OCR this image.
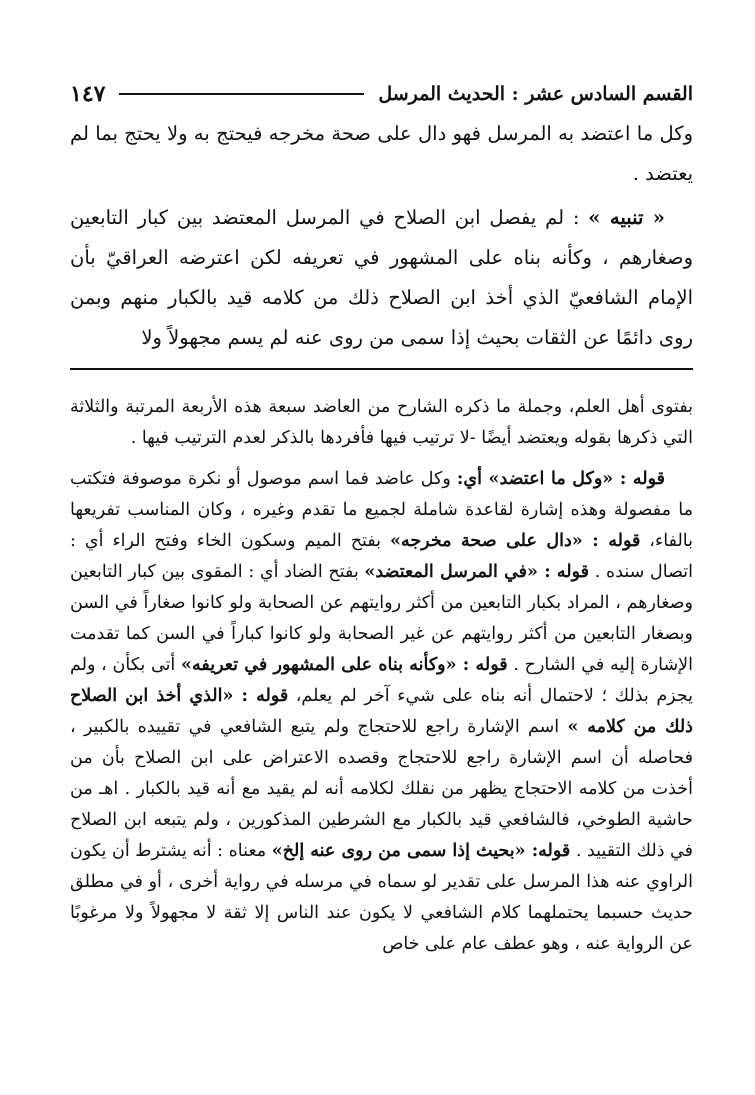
القسم السادس عشر : الحديث المرسل
١٤٧

وكل ما اعتضد به المرسل فهو دال على صحة مخرجه فيحتج به ولا يحتج بما لم يعتضد .

« تنبيه » : لم يفصل ابن الصلاح في المرسل المعتضد بين كبار التابعين وصغارهم ، وكأنه بناه على المشهور في تعريفه لكن اعترضه العراقيّ بأن الإمام الشافعيّ الذي أخذ ابن الصلاح ذلك من كلامه قيد بالكبار منهم وبمن روى دائمًا عن الثقات بحيث إذا سمى من روى عنه لم يسم مجهولاً ولا

بفتوى أهل العلم، وجملة ما ذكره الشارح من العاضد سبعة هذه الأربعة المرتبة والثلاثة التي ذكرها بقوله ويعتضد أيضًا -لا ترتيب فيها فأفردها بالذكر لعدم الترتيب فيها .

قوله : «وكل ما اعتضد» أي: وكل عاضد فما اسم موصول أو نكرة موصوفة فتكتب ما مفصولة وهذه إشارة لقاعدة شاملة لجميع ما تقدم وغيره ، وكان المناسب تفريعها بالفاء، قوله : «دال على صحة مخرجه» بفتح الميم وسكون الخاء وفتح الراء أي : اتصال سنده . قوله : «في المرسل المعتضد» بفتح الضاد أي : المقوى بين كبار التابعين وصغارهم ، المراد بكبار التابعين من أكثر روايتهم عن الصحابة ولو كانوا صغاراً في السن وبصغار التابعين من أكثر روايتهم عن غير الصحابة ولو كانوا كباراً في السن كما تقدمت الإشارة إليه في الشارح . قوله : «وكأنه بناه على المشهور في تعريفه» أتى بكأن ، ولم يجزم بذلك ؛ لاحتمال أنه بناه على شيء آخر لم يعلم، قوله : «الذي أخذ ابن الصلاح ذلك من كلامه » اسم الإشارة راجع للاحتجاج ولم يتبع الشافعي في تقييده بالكبير ، فحاصله أن اسم الإشارة راجع للاحتجاج وقصده الاعتراض على ابن الصلاح بأن من أخذت من كلامه الاحتجاج يظهر من نقلك لكلامه أنه لم يقيد مع أنه قيد بالكبار . اهـ من حاشية الطوخي، فالشافعي قيد بالكبار مع الشرطين المذكورين ، ولم يتبعه ابن الصلاح في ذلك التقييد . قوله: «بحيث إذا سمى من روى عنه إلخ» معناه : أنه يشترط أن يكون الراوي عنه هذا المرسل على تقدير لو سماه في مرسله في رواية أخرى ، أو في مطلق حديث حسبما يحتملهما كلام الشافعي لا يكون عند الناس إلا ثقة لا مجهولاً ولا مرغوبًا عن الرواية عنه ، وهو عطف عام على خاص
